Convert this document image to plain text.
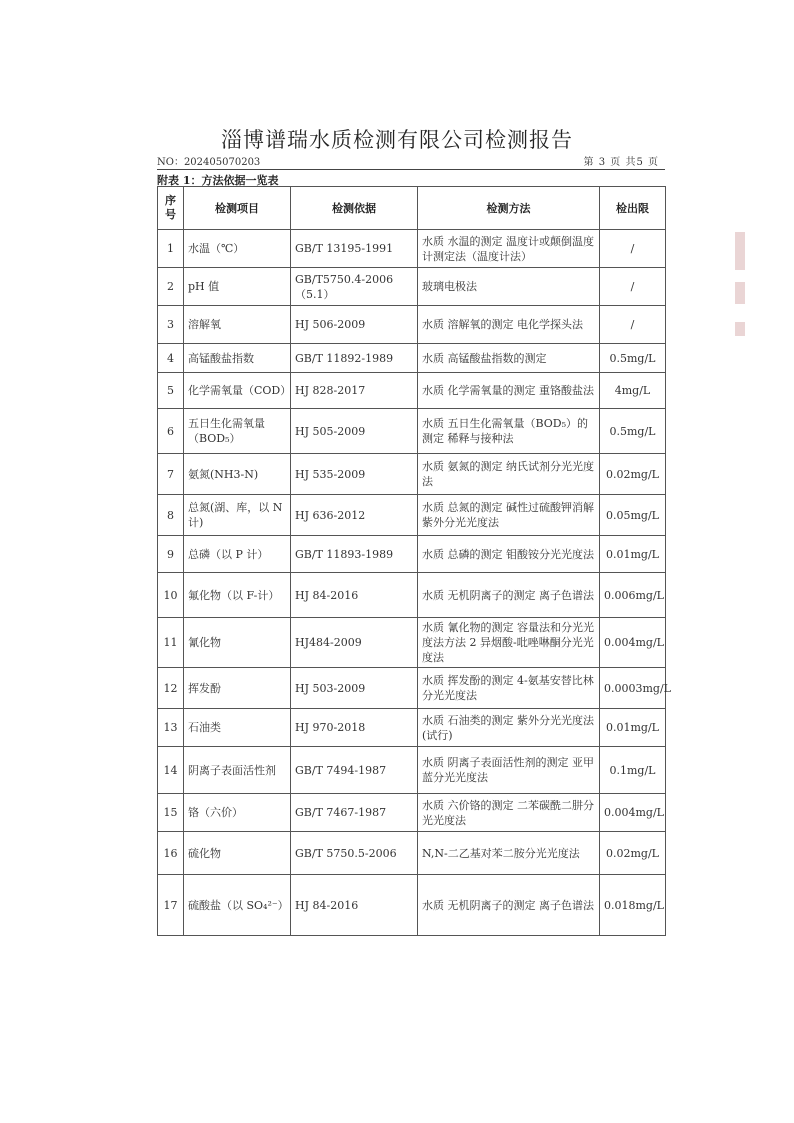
淄博谱瑞水质检测有限公司检测报告
NO：202405070203	第 3 页 共5 页
附表 1：方法依据一览表
序
号	检测项目	检测依据	检测方法	检出限
1	水温（℃）	GB/T 13195-1991	水质 水温的测定 温度计或颠倒温度计测定法（温度计法）	/
2	pH 值	GB/T5750.4-2006 （5.1）	玻璃电极法	/
3	溶解氧	HJ 506-2009	水质 溶解氧的测定 电化学探头法	/
4	高锰酸盐指数	GB/T 11892-1989	水质 高锰酸盐指数的测定	0.5mg/L
5	化学需氧量（COD）	HJ 828-2017	水质 化学需氧量的测定 重铬酸盐法	4mg/L
6	五日生化需氧量（BOD₅）	HJ 505-2009	水质 五日生化需氧量（BOD₅）的测定 稀释与接种法	0.5mg/L
7	氨氮(NH3-N)	HJ 535-2009	水质 氨氮的测定 纳氏试剂分光光度法	0.02mg/L
8	总氮(湖、库，以 N 计)	HJ 636-2012	水质 总氮的测定 碱性过硫酸钾消解紫外分光光度法	0.05mg/L
9	总磷（以 P 计）	GB/T 11893-1989	水质 总磷的测定 钼酸铵分光光度法	0.01mg/L
10	氟化物（以 F-计）	HJ 84-2016	水质 无机阴离子的测定 离子色谱法	0.006mg/L
11	氰化物	HJ484-2009	水质 氰化物的测定 容量法和分光光度法方法 2 异烟酸-吡唑啉酮分光光度法	0.004mg/L
12	挥发酚	HJ 503-2009	水质 挥发酚的测定 4-氨基安替比林分光光度法	0.0003mg/L
13	石油类	HJ 970-2018	水质 石油类的测定 紫外分光光度法(试行)	0.01mg/L
14	阴离子表面活性剂	GB/T 7494-1987	水质 阴离子表面活性剂的测定 亚甲蓝分光光度法	0.1mg/L
15	铬（六价）	GB/T 7467-1987	水质 六价铬的测定 二苯碳酰二肼分光光度法	0.004mg/L
16	硫化物	GB/T 5750.5-2006	N,N-二乙基对苯二胺分光光度法	0.02mg/L
17	硫酸盐（以 SO₄²⁻）	HJ 84-2016	水质 无机阴离子的测定 离子色谱法	0.018mg/L
